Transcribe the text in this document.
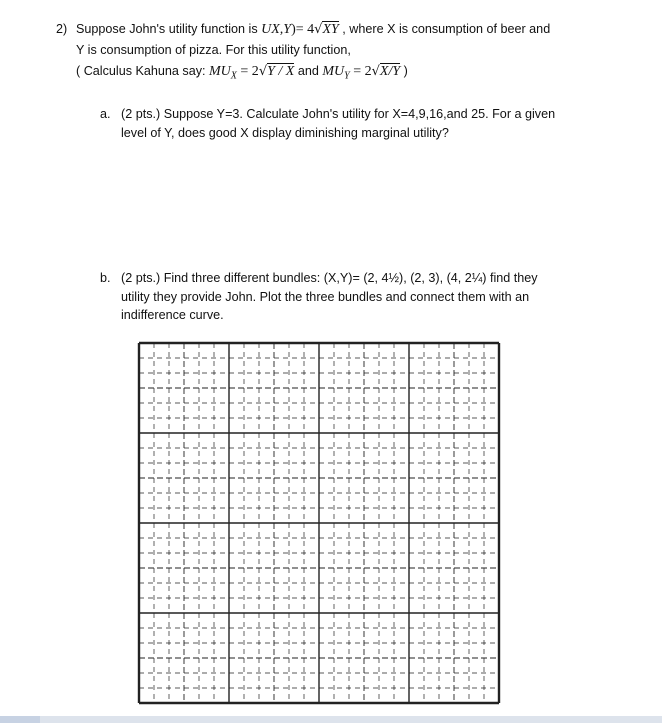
2) Suppose John's utility function is UX,Y)= 4√XY , where X is consumption of beer and
Y is consumption of pizza. For this utility function,
( Calculus Kahuna say: $MU_X = 2√Y / X$ and $MU_Y = 2√X/Y$ )
a. (2 pts.) Suppose Y=3. Calculate John's utility for X=4,9,16,and 25. For a given
level of Y, does good X display diminishing marginal utility?
b. (2 pts.) Find three different bundles: (X,Y)= (2, 4½), (2, 3), (4, 2¼) find they
utility they provide John. Plot the three bundles and connect them with an
indifference curve.
